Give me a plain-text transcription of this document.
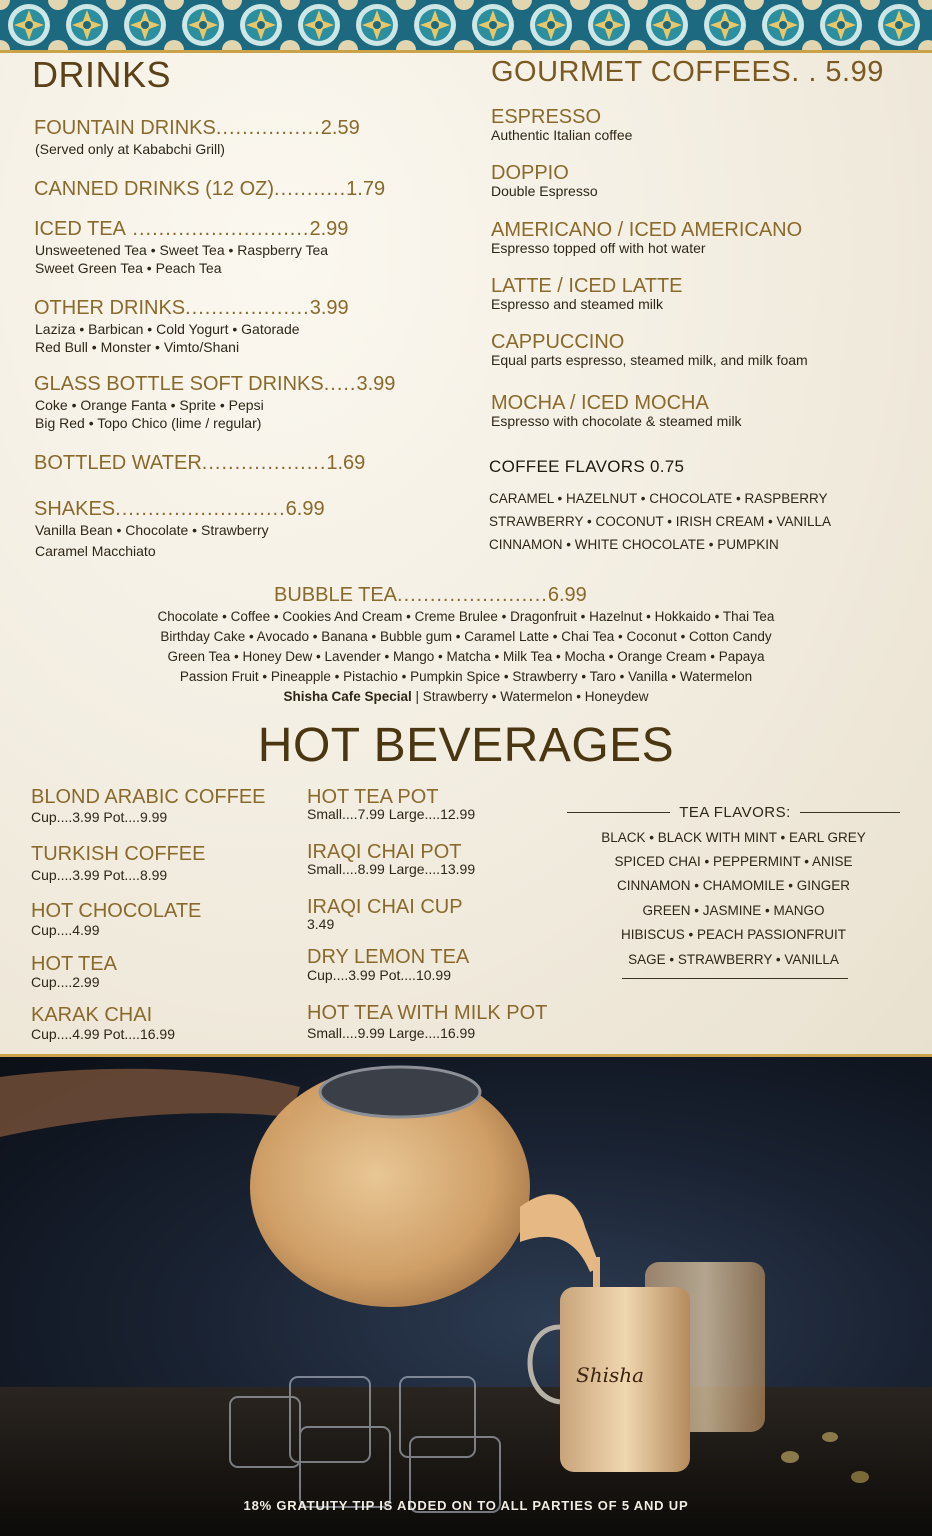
DRINKS
FOUNTAIN DRINKS................2.59
(Served only at Kababchi Grill)
CANNED DRINKS (12 OZ)...........1.79
ICED TEA ...........................2.99
Unsweetened Tea • Sweet Tea • Raspberry Tea
Sweet Green Tea • Peach Tea
OTHER DRINKS...................3.99
Laziza • Barbican • Cold Yogurt • Gatorade
Red Bull • Monster • Vimto/Shani
GLASS BOTTLE SOFT DRINKS.....3.99
Coke • Orange Fanta • Sprite • Pepsi
Big Red • Topo Chico (lime / regular)
BOTTLED WATER...................1.69
SHAKES..........................6.99
Vanilla Bean • Chocolate • Strawberry
Caramel Macchiato
GOURMET COFFEES. . 5.99
ESPRESSO
Authentic Italian coffee
DOPPIO
Double Espresso
AMERICANO / ICED AMERICANO
Espresso topped off with hot water
LATTE / ICED LATTE
Espresso and steamed milk
CAPPUCCINO
Equal parts espresso, steamed milk, and milk foam
MOCHA / ICED MOCHA
Espresso with chocolate & steamed milk
COFFEE FLAVORS 0.75
CARAMEL • HAZELNUT • CHOCOLATE • RASPBERRY
STRAWBERRY • COCONUT • IRISH CREAM • VANILLA
CINNAMON • WHITE CHOCOLATE • PUMPKIN
BUBBLE TEA.......................6.99
Chocolate • Coffee • Cookies And Cream • Creme Brulee • Dragonfruit • Hazelnut • Hokkaido • Thai Tea
Birthday Cake • Avocado • Banana • Bubble gum • Caramel Latte • Chai Tea • Coconut • Cotton Candy
Green Tea • Honey Dew • Lavender • Mango • Matcha • Milk Tea • Mocha • Orange Cream • Papaya
Passion Fruit • Pineapple • Pistachio • Pumpkin Spice • Strawberry • Taro • Vanilla • Watermelon
Shisha Cafe Special | Strawberry • Watermelon • Honeydew
HOT BEVERAGES
BLOND ARABIC COFFEE
Cup....3.99 Pot....9.99
TURKISH COFFEE
Cup....3.99 Pot....8.99
HOT CHOCOLATE
Cup....4.99
HOT TEA
Cup....2.99
KARAK CHAI
Cup....4.99 Pot....16.99
HOT TEA POT
Small....7.99 Large....12.99
IRAQI CHAI POT
Small....8.99 Large....13.99
IRAQI CHAI CUP
3.49
DRY LEMON TEA
Cup....3.99 Pot....10.99
HOT TEA WITH MILK POT
Small....9.99 Large....16.99
TEA FLAVORS:
BLACK • BLACK WITH MINT • EARL GREY
SPICED CHAI • PEPPERMINT • ANISE
CINNAMON • CHAMOMILE • GINGER
GREEN • JASMINE • MANGO
HIBISCUS • PEACH PASSIONFRUIT
SAGE • STRAWBERRY • VANILLA
Shisha
18% GRATUITY TIP IS ADDED ON TO ALL PARTIES OF 5 AND UP
